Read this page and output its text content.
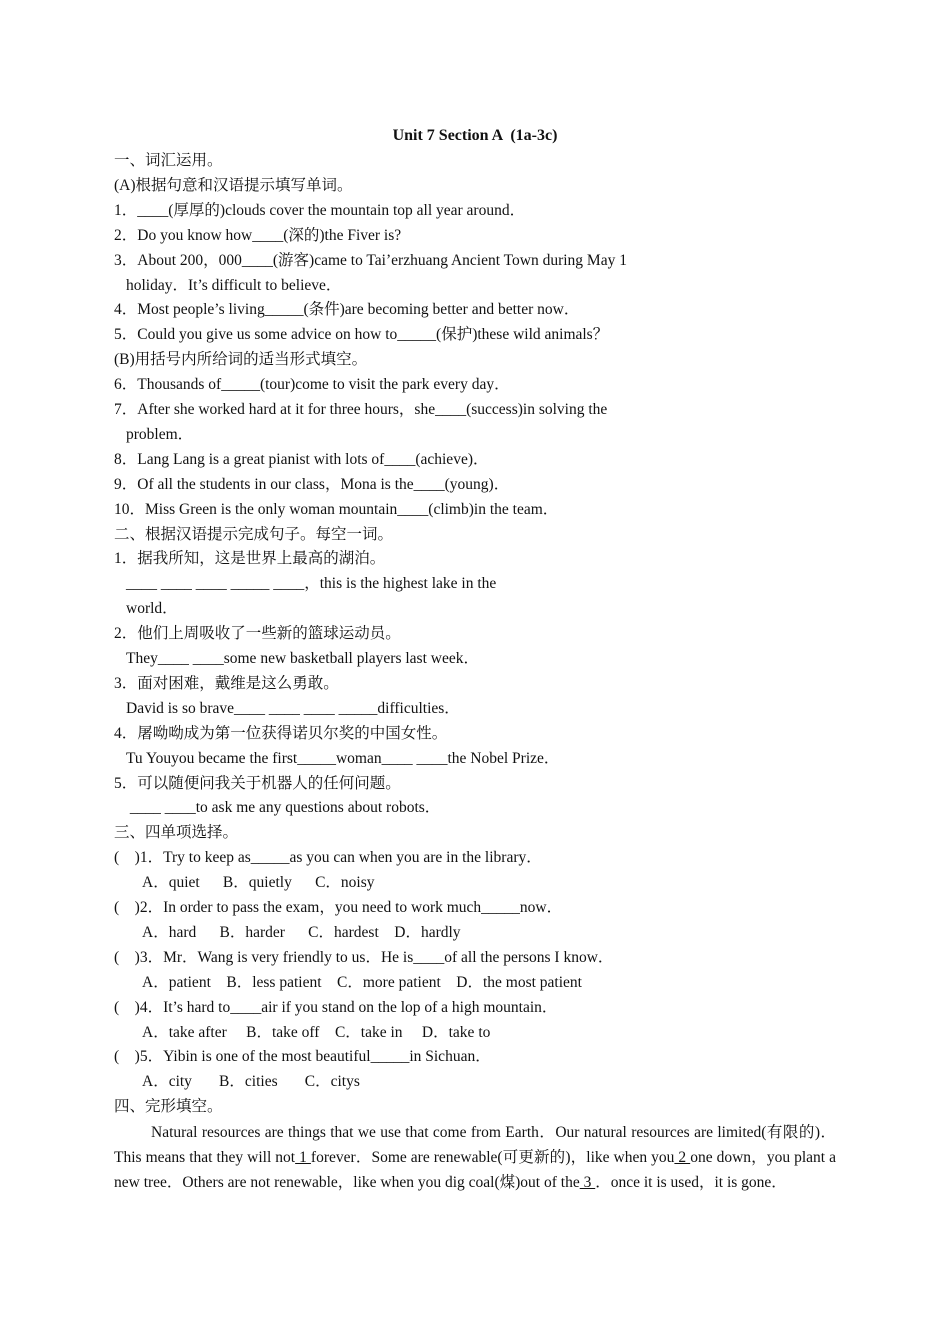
Unit 7 Section A  (1a-3c)
一、词汇运用。
(A)根据句意和汉语提示填写单词。
1．____(厚厚的)clouds cover the mountain top all year around．
2．Do you know how____(深的)the Fiver is?
3．About 200，000____(游客)came to Tai’erzhuang Ancient Town during May 1
holiday．It’s difficult to believe．
4．Most people’s living_____(条件)are becoming better and better now．
5．Could you give us some advice on how to_____(保护)these wild animals？
(B)用括号内所给词的适当形式填空。
6．Thousands of_____(tour)come to visit the park every day．
7．After she worked hard at it for three hours，she____(success)in solving the
problem．
8．Lang Lang is a great pianist with lots of____(achieve)．
9．Of all the students in our class，Mona is the____(young)．
10．Miss Green is the only woman mountain____(climb)in the team．
二、根据汉语提示完成句子。每空一词。
1．据我所知，这是世界上最高的湖泊。
____ ____ ____ _____ ____，this is the highest lake in the
world．
2．他们上周吸收了一些新的篮球运动员。
They____ ____some new basketball players last week．
3．面对困难，戴维是这么勇敢。
David is so brave____ ____ ____ _____difficulties．
4．屠呦呦成为第一位获得诺贝尔奖的中国女性。
Tu Youyou became the first_____woman____ ____the Nobel Prize．
5．可以随便问我关于机器人的任何问题。
____ ____to ask me any questions about robots．
三、四单项选择。
(    )1．Try to keep as_____as you can when you are in the library．
A．quiet      B．quietly      C．noisy
(    )2．In order to pass the exam，you need to work much_____now．
A．hard      B．harder      C．hardest    D．hardly
(    )3．Mr．Wang is very friendly to us．He is____of all the persons I know．
A．patient    B．less patient    C．more patient    D．the most patient
(    )4．It’s hard to____air if you stand on the lop of a high mountain．
A．take after     B．take off    C．take in     D．take to
(    )5．Yibin is one of the most beautiful_____in Sichuan．
A．city       B．cities       C．citys
四、完形填空。
Natural resources are things that we use that come from Earth．Our natural resources are limited(有限的)．This means that they will not 1 forever．Some are renewable(可更新的)，like when you 2 one down，you plant a new tree．Others are not renewable，like when you dig coal(煤)out of the 3 ．once it is used，it is gone．
